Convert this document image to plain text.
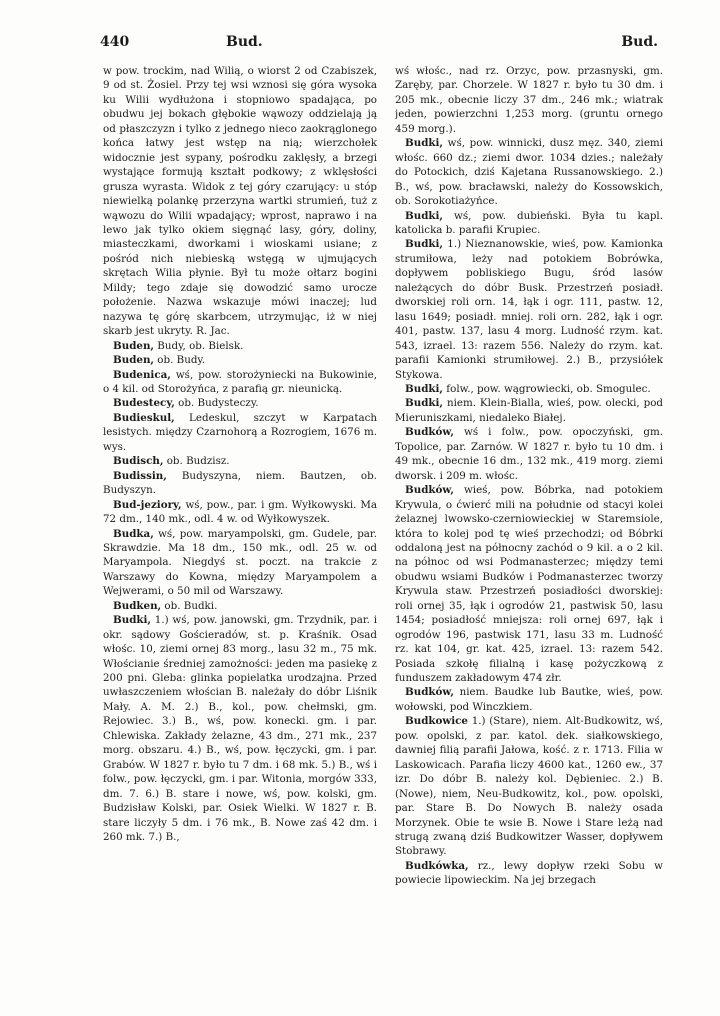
440	Bud.	Bud.

w pow. trockim, nad Wilią, o wiorst 2 od Czabiszek, 9 od st. Żosiel. Przy tej wsi wznosi się góra wysoka ku Wilii wydłużona i stopniowo spadająca, po obudwu jej bokach głębokie wąwozy oddzielają ją od płaszczyzn i tylko z jednego nieco zaokrąglonego końca łatwy jest wstęp na nią; wierzchołek widocznie jest sypany, pośrodku zaklęsły, a brzegi wystające formują kształt podkowy; z wklęsłości grusza wyrasta. Widok z tej góry czarujący: u stóp niewielką polankę przerzyna wartki strumień, tuż z wąwozu do Wilii wpadający; wprost, naprawo i na lewo jak tylko okiem sięgnąć lasy, góry, doliny, miasteczkami, dworkami i wioskami usiane; z pośród nich niebieską wstęgą w ujmujących skrętach Wilia płynie. Był tu może ołtarz bogini Mildy; tego zdaje się dowodzić samo urocze położenie. Nazwa wskazuje mówi inaczej; lud nazywa tę górę skarbcem, utrzymując, iż w niej skarb jest ukryty. R. Jac.

Buden, Budy, ob. Bielsk.

Buden, ob. Budy.

Budenica, wś, pow. storożyniecki na Bukowinie, o 4 kil. od Storożyńca, z parafią gr. nieunicką.

Budestecy, ob. Budysteczy.

Budieskul, Ledeskul, szczyt w Karpatach lesistych. między Czarnohorą a Rozrogiem, 1676 m. wys.

Budisch, ob. Budzisz.

Budissin, Budyszyna, niem. Bautzen, ob. Budyszyn.

Bud-jeziory, wś, pow., par. i gm. Wyłkowyski. Ma 72 dm., 140 mk., odl. 4 w. od Wyłkowyszek.

Budka, wś, pow. maryampolski, gm. Gudele, par. Skrawdzie. Ma 18 dm., 150 mk., odl. 25 w. od Maryampola. Niegdyś st. poczt. na trakcie z Warszawy do Kowna, między Maryampolem a Wejwerami, o 50 mil od Warszawy.

Budken, ob. Budki.

Budki, 1.) wś, pow. janowski, gm. Trzydnik, par. i okr. sądowy Gościeradów, st. p. Kraśnik. Osad włośc. 10, ziemi ornej 83 morg., lasu 32 m., 75 mk. Włościanie średniej zamożności: jeden ma pasiekę z 200 pni. Gleba: glinka popielatka urodzajna. Przed uwłaszczeniem włościan B. należały do dóbr Liśnik Mały. A. M. 2.) B., kol., pow. chełmski, gm. Rejowiec. 3.) B., wś, pow. konecki. gm. i par. Chlewiska. Zakłady żelazne, 43 dm., 271 mk., 237 morg. obszaru. 4.) B., wś, pow. łęczycki, gm. i par. Grabów. W 1827 r. było tu 7 dm. i 68 mk. 5.) B., wś i folw., pow. łęczycki, gm. i par. Witonia, morgów 333, dm. 7. 6.) B. stare i nowe, wś, pow. kolski, gm. Budzisław Kolski, par. Osiek Wielki. W 1827 r. B. stare liczyły 5 dm. i 76 mk., B. Nowe zaś 42 dm. i 260 mk. 7.) B.,

wś włośc., nad rz. Orzyc, pow. przasnyski, gm. Zaręby, par. Chorzele. W 1827 r. było tu 30 dm. i 205 mk., obecnie liczy 37 dm., 246 mk.; wiatrak jeden, powierzchni 1,253 morg. (gruntu ornego 459 morg.).

Budki, wś, pow. winnicki, dusz męz. 340, ziemi włośc. 660 dz.; ziemi dwor. 1034 dzies.; należały do Potockich, dziś Kajetana Russanowskiego. 2.) B., wś, pow. bracławski, należy do Kossowskich, ob. Sorokotiażyńce.

Budki, wś, pow. dubieński. Była tu kapl. katolicka b. parafii Krupiec.

Budki, 1.) Nieznanowskie, wieś, pow. Kamionka strumiłowa, leży nad potokiem Bobrówka, dopływem pobliskiego Bugu, śród lasów należących do dóbr Busk. Przestrzeń posiadł. dworskiej roli orn. 14, łąk i ogr. 111, pastw. 12, lasu 1649; posiadł. mniej. roli orn. 282, łąk i ogr. 401, pastw. 137, lasu 4 morg. Ludność rzym. kat. 543, izrael. 13: razem 556. Należy do rzym. kat. parafii Kamionki strumiłowej. 2.) B., przysiółek Stykowa.

Budki, folw., pow. wągrowiecki, ob. Smogulec.

Budki, niem. Klein-Bialla, wieś, pow. olecki, pod Mieruniszkami, niedaleko Białej.

Budków, wś i folw., pow. opoczyński, gm. Topolice, par. Zarnów. W 1827 r. było tu 10 dm. i 49 mk., obecnie 16 dm., 132 mk., 419 morg. ziemi dworsk. i 209 m. włośc.

Budków, wieś, pow. Bóbrka, nad potokiem Krywula, o ćwierć mili na południe od stacyi kolei żelaznej lwowsko-czerniowieckiej w Staremsiole, która to kolej pod tę wieś przechodzi; od Bóbrki oddaloną jest na północny zachód o 9 kil. a o 2 kil. na północ od wsi Podmanasterzec; między temi obudwu wsiami Budków i Podmanasterzec tworzy Krywula staw. Przestrzeń posiadłości dworskiej: roli ornej 35, łąk i ogrodów 21, pastwisk 50, lasu 1454; posiadłość mniejsza: roli ornej 697, łąk i ogrodów 196, pastwisk 171, lasu 33 m. Ludność rz. kat 104, gr. kat. 425, izrael. 13: razem 542. Posiada szkołę filialną i kasę pożyczkową z funduszem zakładowym 474 złr.

Budków, niem. Baudke lub Bautke, wieś, pow. wołowski, pod Winczkiem.

Budkowice 1.) (Stare), niem. Alt-Budkowitz, wś, pow. opolski, z par. katol. dek. siałkowskiego, dawniej filią parafii Jałowa, kość. z r. 1713. Filia w Laskowicach. Parafia liczy 4600 kat., 1260 ew., 37 izr. Do dóbr B. należy kol. Dębieniec. 2.) B. (Nowe), niem, Neu-Budkowitz, kol., pow. opolski, par. Stare B. Do Nowych B. należy osada Morzynek. Obie te wsie B. Nowe i Stare leżą nad strugą zwaną dziś Budkowitzer Wasser, dopływem Stobrawy.

Budkówka, rz., lewy dopływ rzeki Sobu w powiecie lipowieckim. Na jej brzegach
